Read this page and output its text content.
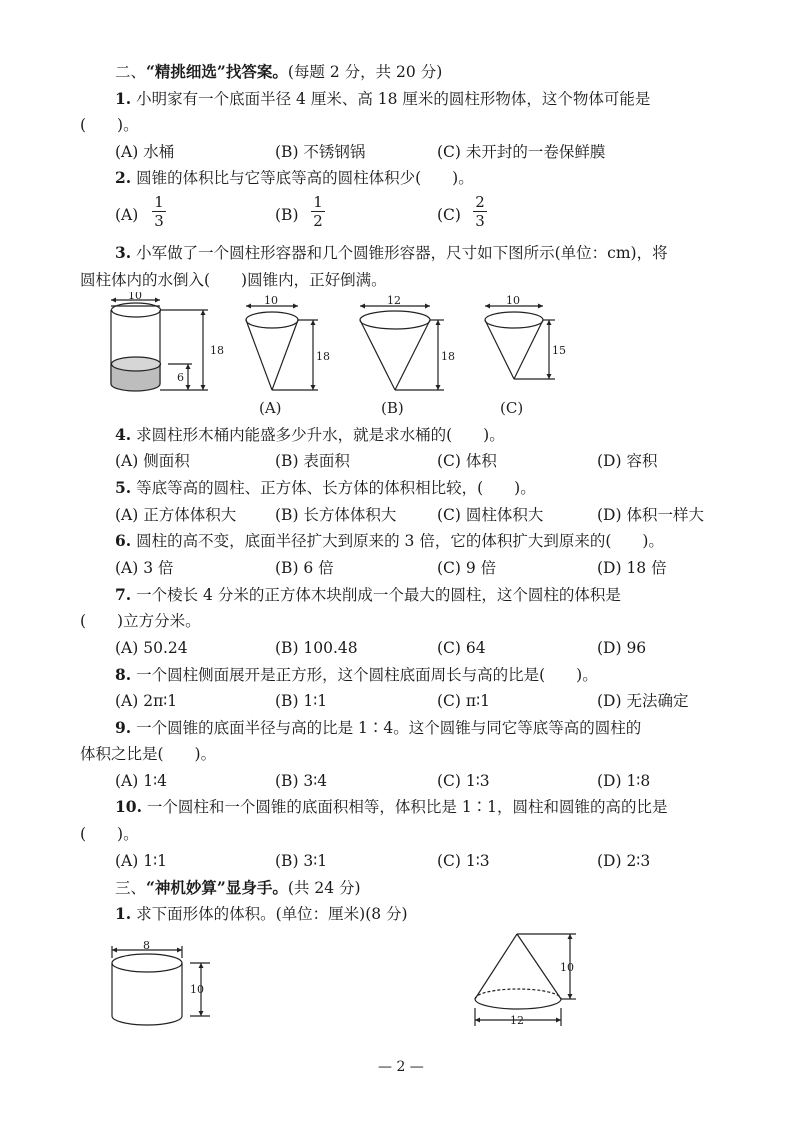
二、“精挑细选”找答案。(每题 2 分，共 20 分)
1. 小明家有一个底面半径 4 厘米、高 18 厘米的圆柱形物体，这个物体可能是
(　　)。
(A) 水桶	(B) 不锈钢锅	(C) 未开封的一卷保鲜膜
2. 圆锥的体积比与它等底等高的圆柱体积少(　　)。
(A)
1
3	(B)
1
2	(C)
2
3
3. 小军做了一个圆柱形容器和几个圆锥形容器，尺寸如下图所示(单位：cm)，将
圆柱体内的水倒入(　　)圆锥内，正好倒满。
10
18
6
10
18
12
18
10
15
(A)	(B)	(C)
4. 求圆柱形木桶内能盛多少升水，就是求水桶的(　　)。
(A) 侧面积	(B) 表面积	(C) 体积	(D) 容积
5. 等底等高的圆柱、正方体、长方体的体积相比较，(　　)。
(A) 正方体体积大	(B) 长方体体积大	(C) 圆柱体积大	(D) 体积一样大
6. 圆柱的高不变，底面半径扩大到原来的 3 倍，它的体积扩大到原来的(　　)。
(A) 3 倍	(B) 6 倍	(C) 9 倍	(D) 18 倍
7. 一个棱长 4 分米的正方体木块削成一个最大的圆柱，这个圆柱的体积是
(　　)立方分米。
(A) 50.24	(B) 100.48	(C) 64	(D) 96
8. 一个圆柱侧面展开是正方形，这个圆柱底面周长与高的比是(　　)。
(A) 2π∶1	(B) 1∶1	(C) π∶1	(D) 无法确定
9. 一个圆锥的底面半径与高的比是 1∶4。这个圆锥与同它等底等高的圆柱的
体积之比是(　　)。
(A) 1∶4	(B) 3∶4	(C) 1∶3	(D) 1∶8
10. 一个圆柱和一个圆锥的底面积相等，体积比是 1∶1，圆柱和圆锥的高的比是
(　　)。
(A) 1∶1	(B) 3∶1	(C) 1∶3	(D) 2∶3
三、“神机妙算”显身手。(共 24 分)
1. 求下面形体的体积。(单位：厘米)(8 分)
8
10
10
12
— 2 —
